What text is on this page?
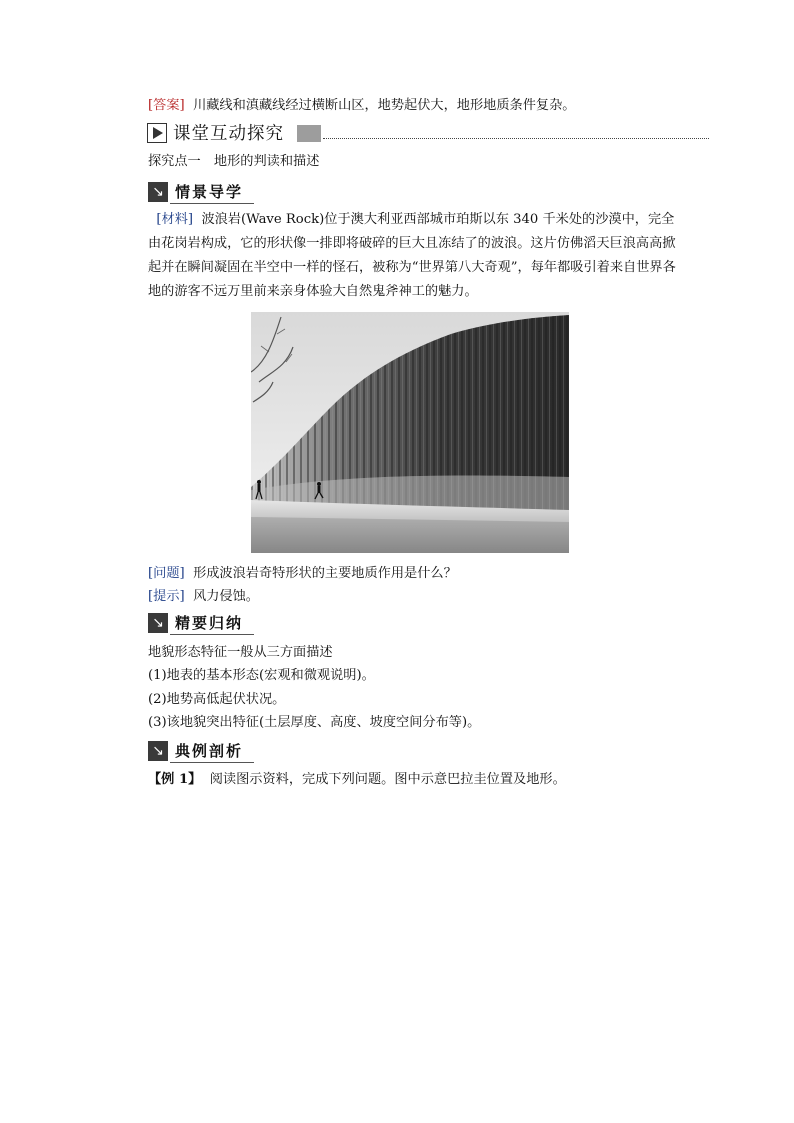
[答案] 川藏线和滇藏线经过横断山区，地势起伏大，地形地质条件复杂。

课堂互动探究

探究点一　地形的判读和描述

↘ 情景导学

[材料] 波浪岩(Wave Rock)位于澳大利亚西部城市珀斯以东 340 千米处的沙漠中，完全由花岗岩构成，它的形状像一排即将破碎的巨大且冻结了的波浪。这片仿佛滔天巨浪高高掀起并在瞬间凝固在半空中一样的怪石，被称为“世界第八大奇观”，每年都吸引着来自世界各地的游客不远万里前来亲身体验大自然鬼斧神工的魅力。

[问题] 形成波浪岩奇特形状的主要地质作用是什么？

[提示] 风力侵蚀。

↘ 精要归纳

地貌形态特征一般从三方面描述

(1)地表的基本形态(宏观和微观说明)。

(2)地势高低起伏状况。

(3)该地貌突出特征(土层厚度、高度、坡度空间分布等)。

↘ 典例剖析

【例 1】 阅读图示资料，完成下列问题。图中示意巴拉圭位置及地形。
